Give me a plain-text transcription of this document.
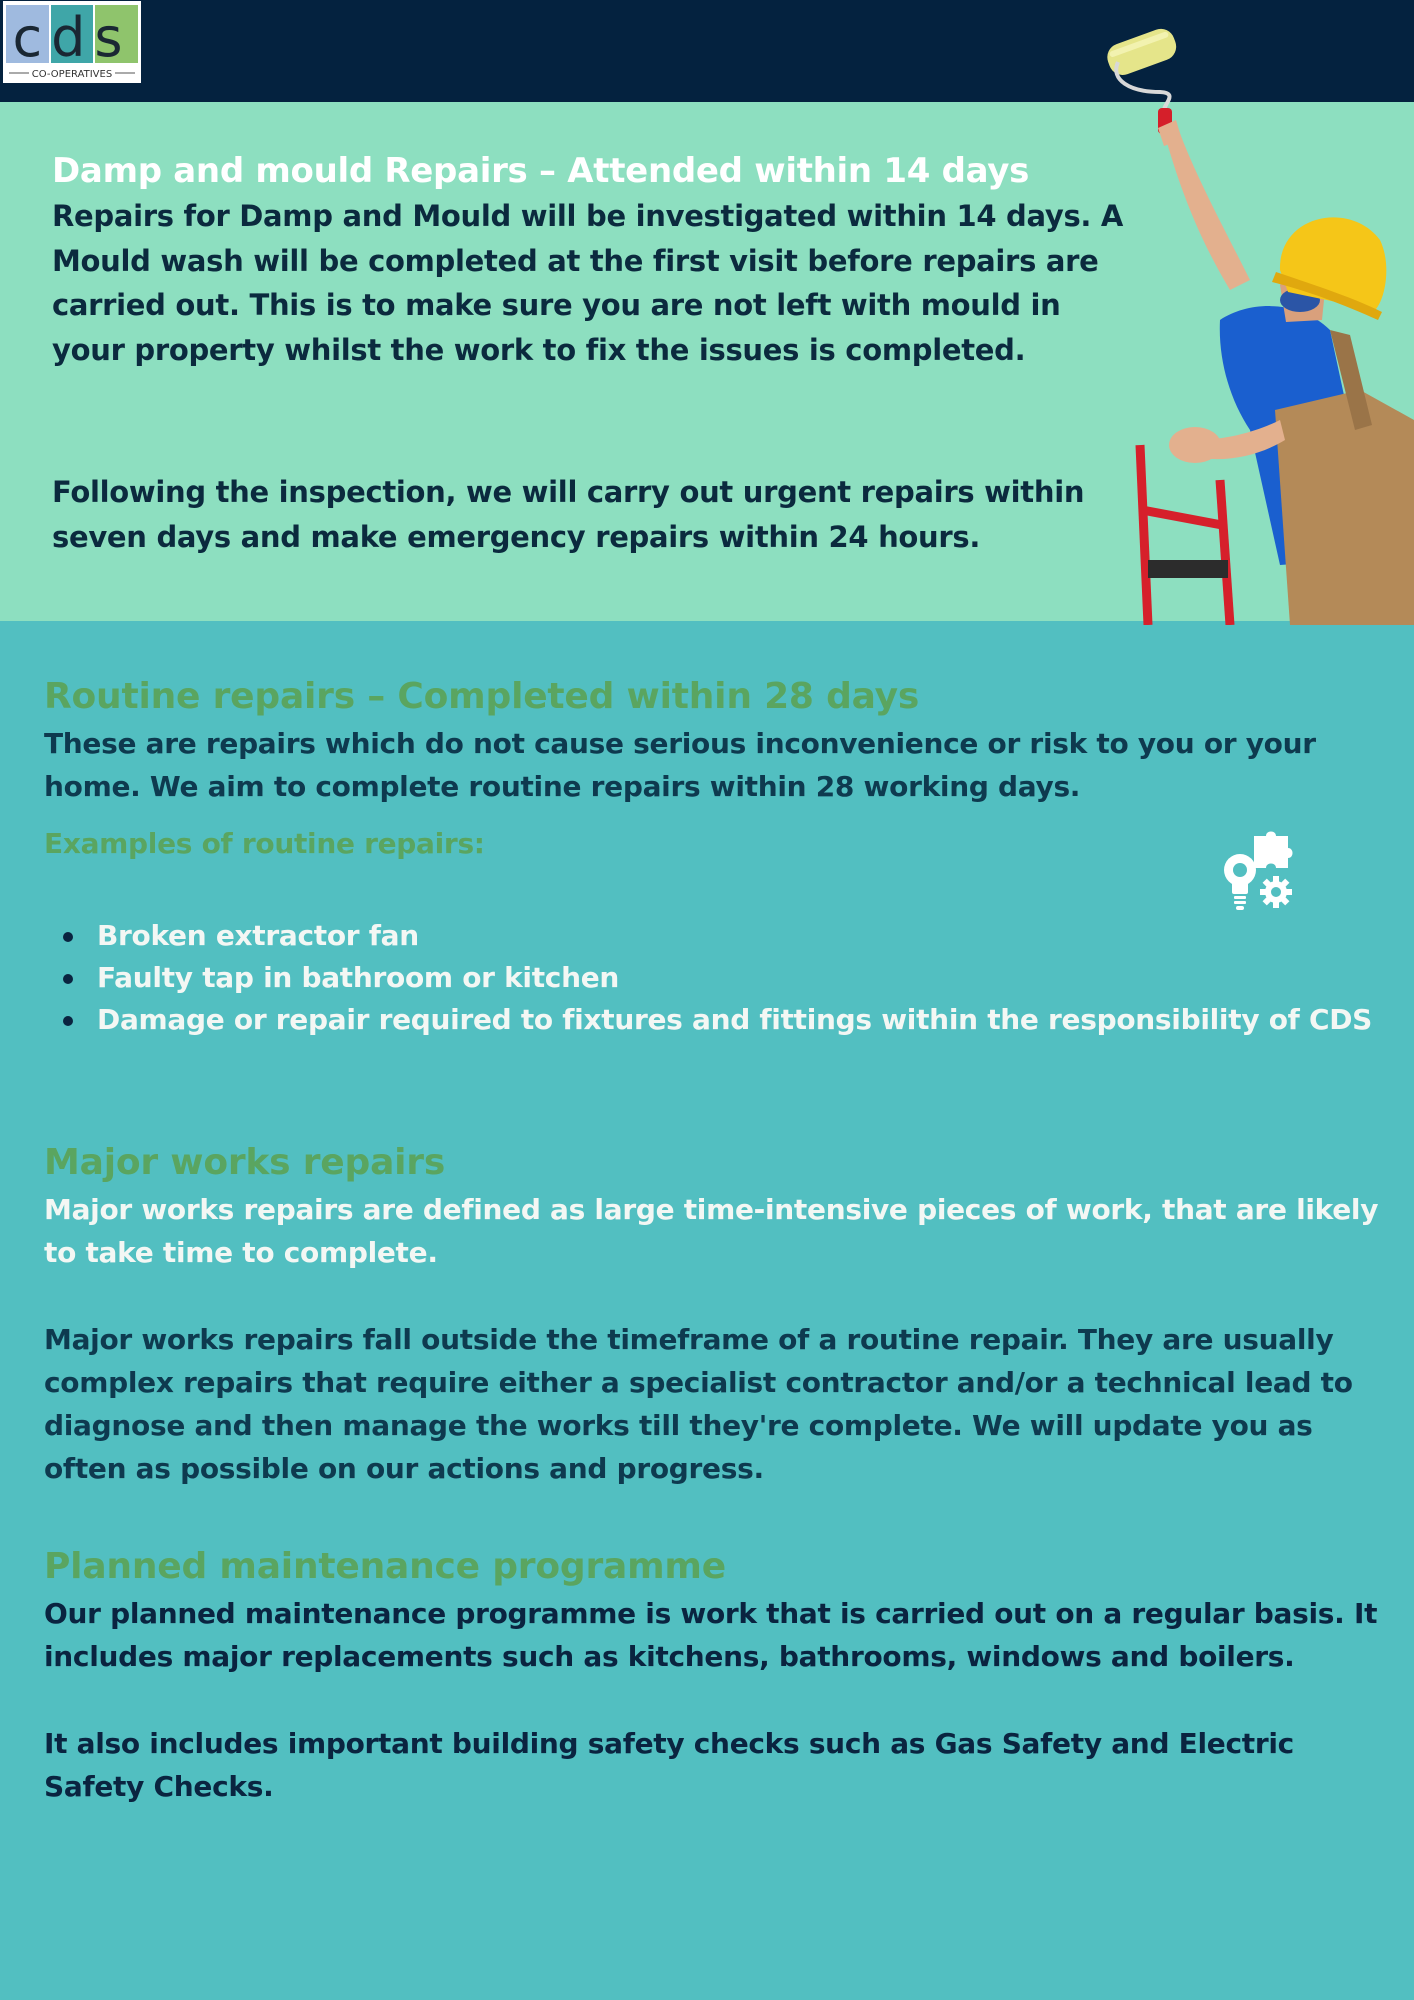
cds
CO-OPERATIVES
Damp and mould Repairs – Attended within 14 days
Repairs for Damp and Mould will be investigated within 14 days. A Mould wash will be completed at the first visit before repairs are carried out. This is to make sure you are not left with mould in your property whilst the work to fix the issues is completed.
Following the inspection, we will carry out urgent repairs within seven days and make emergency repairs within 24 hours.
Routine repairs – Completed within 28 days
These are repairs which do not cause serious inconvenience or risk to you or your home. We aim to complete routine repairs within 28 working days.
Examples of routine repairs:
Broken extractor fan
Faulty tap in bathroom or kitchen
Damage or repair required to fixtures and fittings within the responsibility of CDS
Major works repairs
Major works repairs are defined as large time-intensive pieces of work, that are likely to take time to complete.
Major works repairs fall outside the timeframe of a routine repair. They are usually complex repairs that require either a specialist contractor and/or a technical lead to diagnose and then manage the works till they're complete. We will update you as often as possible on our actions and progress.
Planned maintenance programme
Our planned maintenance programme is work that is carried out on a regular basis. It includes major replacements such as kitchens, bathrooms, windows and boilers.
It also includes important building safety checks such as Gas Safety and Electric Safety Checks.
